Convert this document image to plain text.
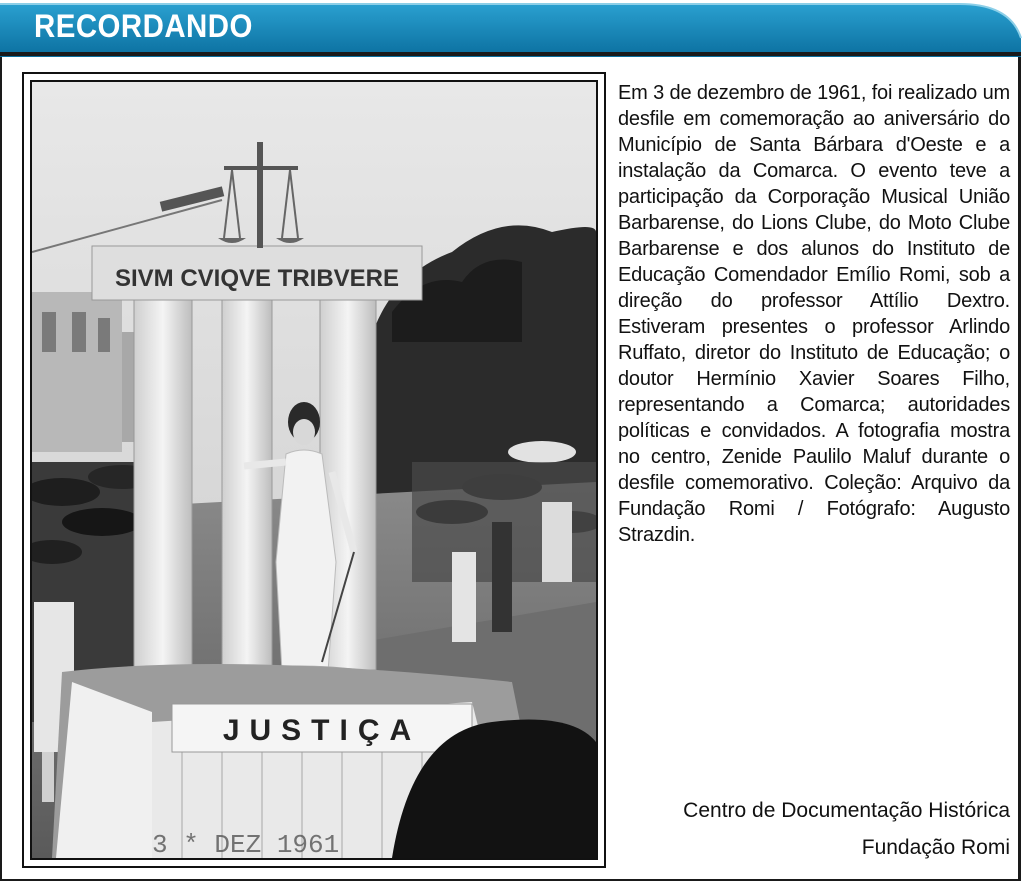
RECORDANDO
SIVM CVIQVE TRIBVERE
JUSTIÇA
3 * DEZ 1961
Em 3 de dezembro de 1961, foi realizado um desfile em comemoração ao aniversário do Município de Santa Bárbara d'Oeste e a instalação da Comarca. O evento teve a participação da Corporação Musical União Barbarense, do Lions Clube, do Moto Clube Barbarense e dos alunos do Instituto de Educação Comendador Emílio Romi, sob a direção do professor Attílio Dextro. Estiveram presentes o professor Arlindo Ruffato, diretor do Instituto de Educação; o doutor Hermínio Xavier Soares Filho, representando a Comarca; autoridades políticas e convidados. A fotografia mostra no centro, Zenide Paulilo Maluf durante o desfile comemorativo. Coleção: Arquivo da Fundação Romi / Fotógrafo: Augusto Strazdin.
Centro de Documentação Histórica
Fundação Romi
